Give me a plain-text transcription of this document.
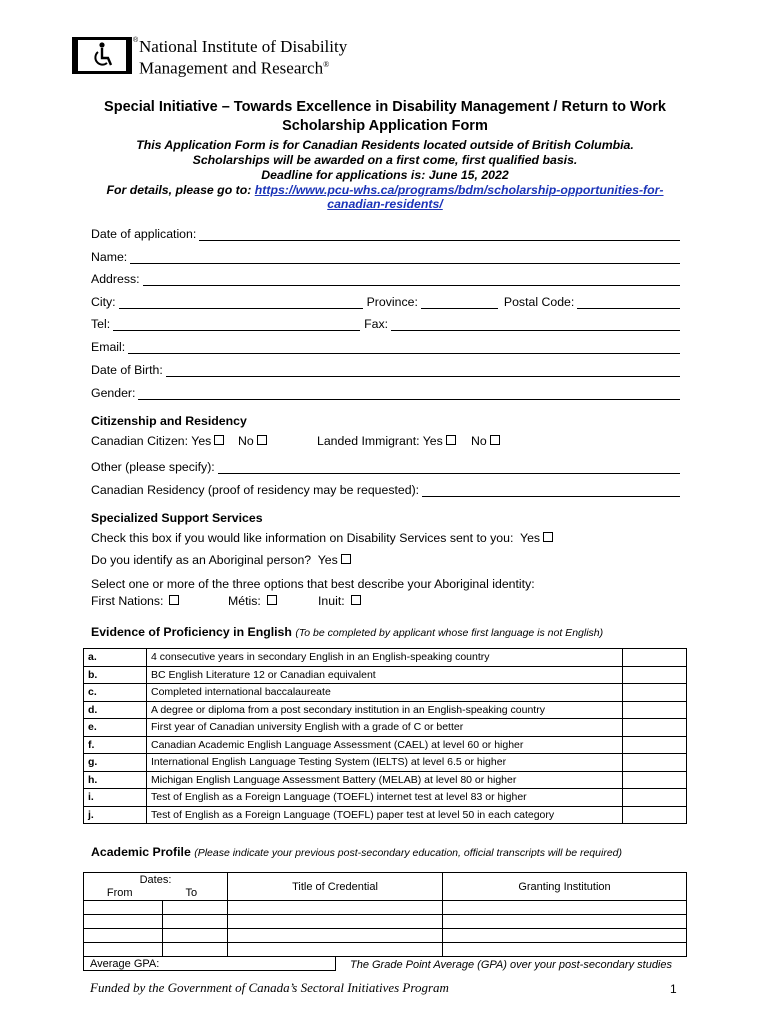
® National Institute of Disability
Management and Research®
Special Initiative – Towards Excellence in Disability Management / Return to Work
Scholarship Application Form
This Application Form is for Canadian Residents located outside of British Columbia.
Scholarships will be awarded on a first come, first qualified basis.
Deadline for applications is: June 15, 2022
For details, please go to: https://www.pcu-whs.ca/programs/bdm/scholarship-opportunities-for-
canadian-residents/
Date of application:
Name:
Address:
City:	Province:	Postal Code:
Tel:	Fax:
Email:
Date of Birth:
Gender:
Citizenship and Residency
Canadian Citizen: Yes	No	Landed Immigrant: Yes	No
Other (please specify):
Canadian Residency (proof of residency may be requested):
Specialized Support Services
Check this box if you would like information on Disability Services sent to you:  Yes
Do you identify as an Aboriginal person?  Yes
Select one or more of the three options that best describe your Aboriginal identity:
First Nations:	Métis:	Inuit:
Evidence of Proficiency in English (To be completed by applicant whose first language is not English)
a.	4 consecutive years in secondary English in an English-speaking country	
b.	BC English Literature 12 or Canadian equivalent	
c.	Completed international baccalaureate	
d.	A degree or diploma from a post secondary institution in an English-speaking country	
e.	First year of Canadian university English with a grade of C or better	
f.	Canadian Academic English Language Assessment (CAEL) at level 60 or higher	
g.	International English Language Testing System (IELTS) at level 6.5 or higher	
h.	Michigan English Language Assessment Battery (MELAB) at level 80 or higher	
i.	Test of English as a Foreign Language (TOEFL) internet test at level 83 or higher	
j.	Test of English as a Foreign Language (TOEFL) paper test at level 50 in each category	
Academic Profile (Please indicate your previous post-secondary education, official transcripts will be required)
Dates:
From To		Title of Credential		Granting Institution

Average GPA:			The Grade Point Average (GPA) over your post-secondary studies	
Funded by the Government of Canada’s Sectoral Initiatives Program	1
